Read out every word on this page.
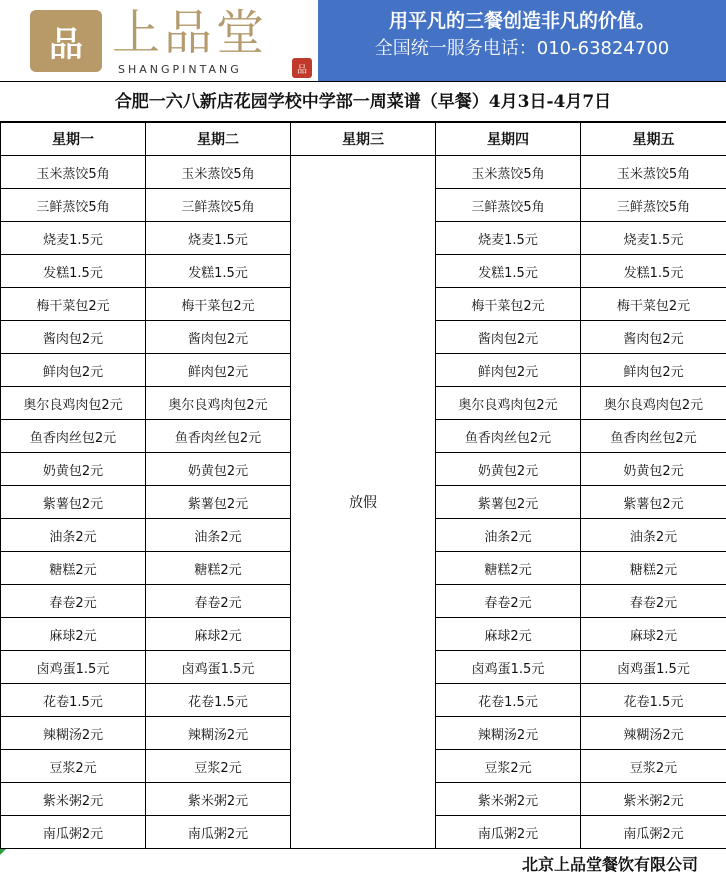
品 上品堂
SHANGPINTANG	品
用平凡的三餐创造非凡的价值。
全国统一服务电话：010-63824700
合肥一六八新店花园学校中学部一周菜谱（早餐）4月3日-4月7日
星期一	星期二	星期三	星期四	星期五
玉米蒸饺5角	玉米蒸饺5角	放假	玉米蒸饺5角	玉米蒸饺5角
三鲜蒸饺5角	三鲜蒸饺5角		三鲜蒸饺5角	三鲜蒸饺5角
烧麦1.5元	烧麦1.5元		烧麦1.5元	烧麦1.5元
发糕1.5元	发糕1.5元		发糕1.5元	发糕1.5元
梅干菜包2元	梅干菜包2元		梅干菜包2元	梅干菜包2元
酱肉包2元	酱肉包2元		酱肉包2元	酱肉包2元
鲜肉包2元	鲜肉包2元		鲜肉包2元	鲜肉包2元
奥尔良鸡肉包2元	奥尔良鸡肉包2元		奥尔良鸡肉包2元	奥尔良鸡肉包2元
鱼香肉丝包2元	鱼香肉丝包2元		鱼香肉丝包2元	鱼香肉丝包2元
奶黄包2元	奶黄包2元		奶黄包2元	奶黄包2元
紫薯包2元	紫薯包2元		紫薯包2元	紫薯包2元
油条2元	油条2元		油条2元	油条2元
糖糕2元	糖糕2元		糖糕2元	糖糕2元
春卷2元	春卷2元		春卷2元	春卷2元
麻球2元	麻球2元		麻球2元	麻球2元
卤鸡蛋1.5元	卤鸡蛋1.5元		卤鸡蛋1.5元	卤鸡蛋1.5元
花卷1.5元	花卷1.5元		花卷1.5元	花卷1.5元
辣糊汤2元	辣糊汤2元		辣糊汤2元	辣糊汤2元
豆浆2元	豆浆2元		豆浆2元	豆浆2元
紫米粥2元	紫米粥2元		紫米粥2元	紫米粥2元
南瓜粥2元	南瓜粥2元		南瓜粥2元	南瓜粥2元
北京上品堂餐饮有限公司
